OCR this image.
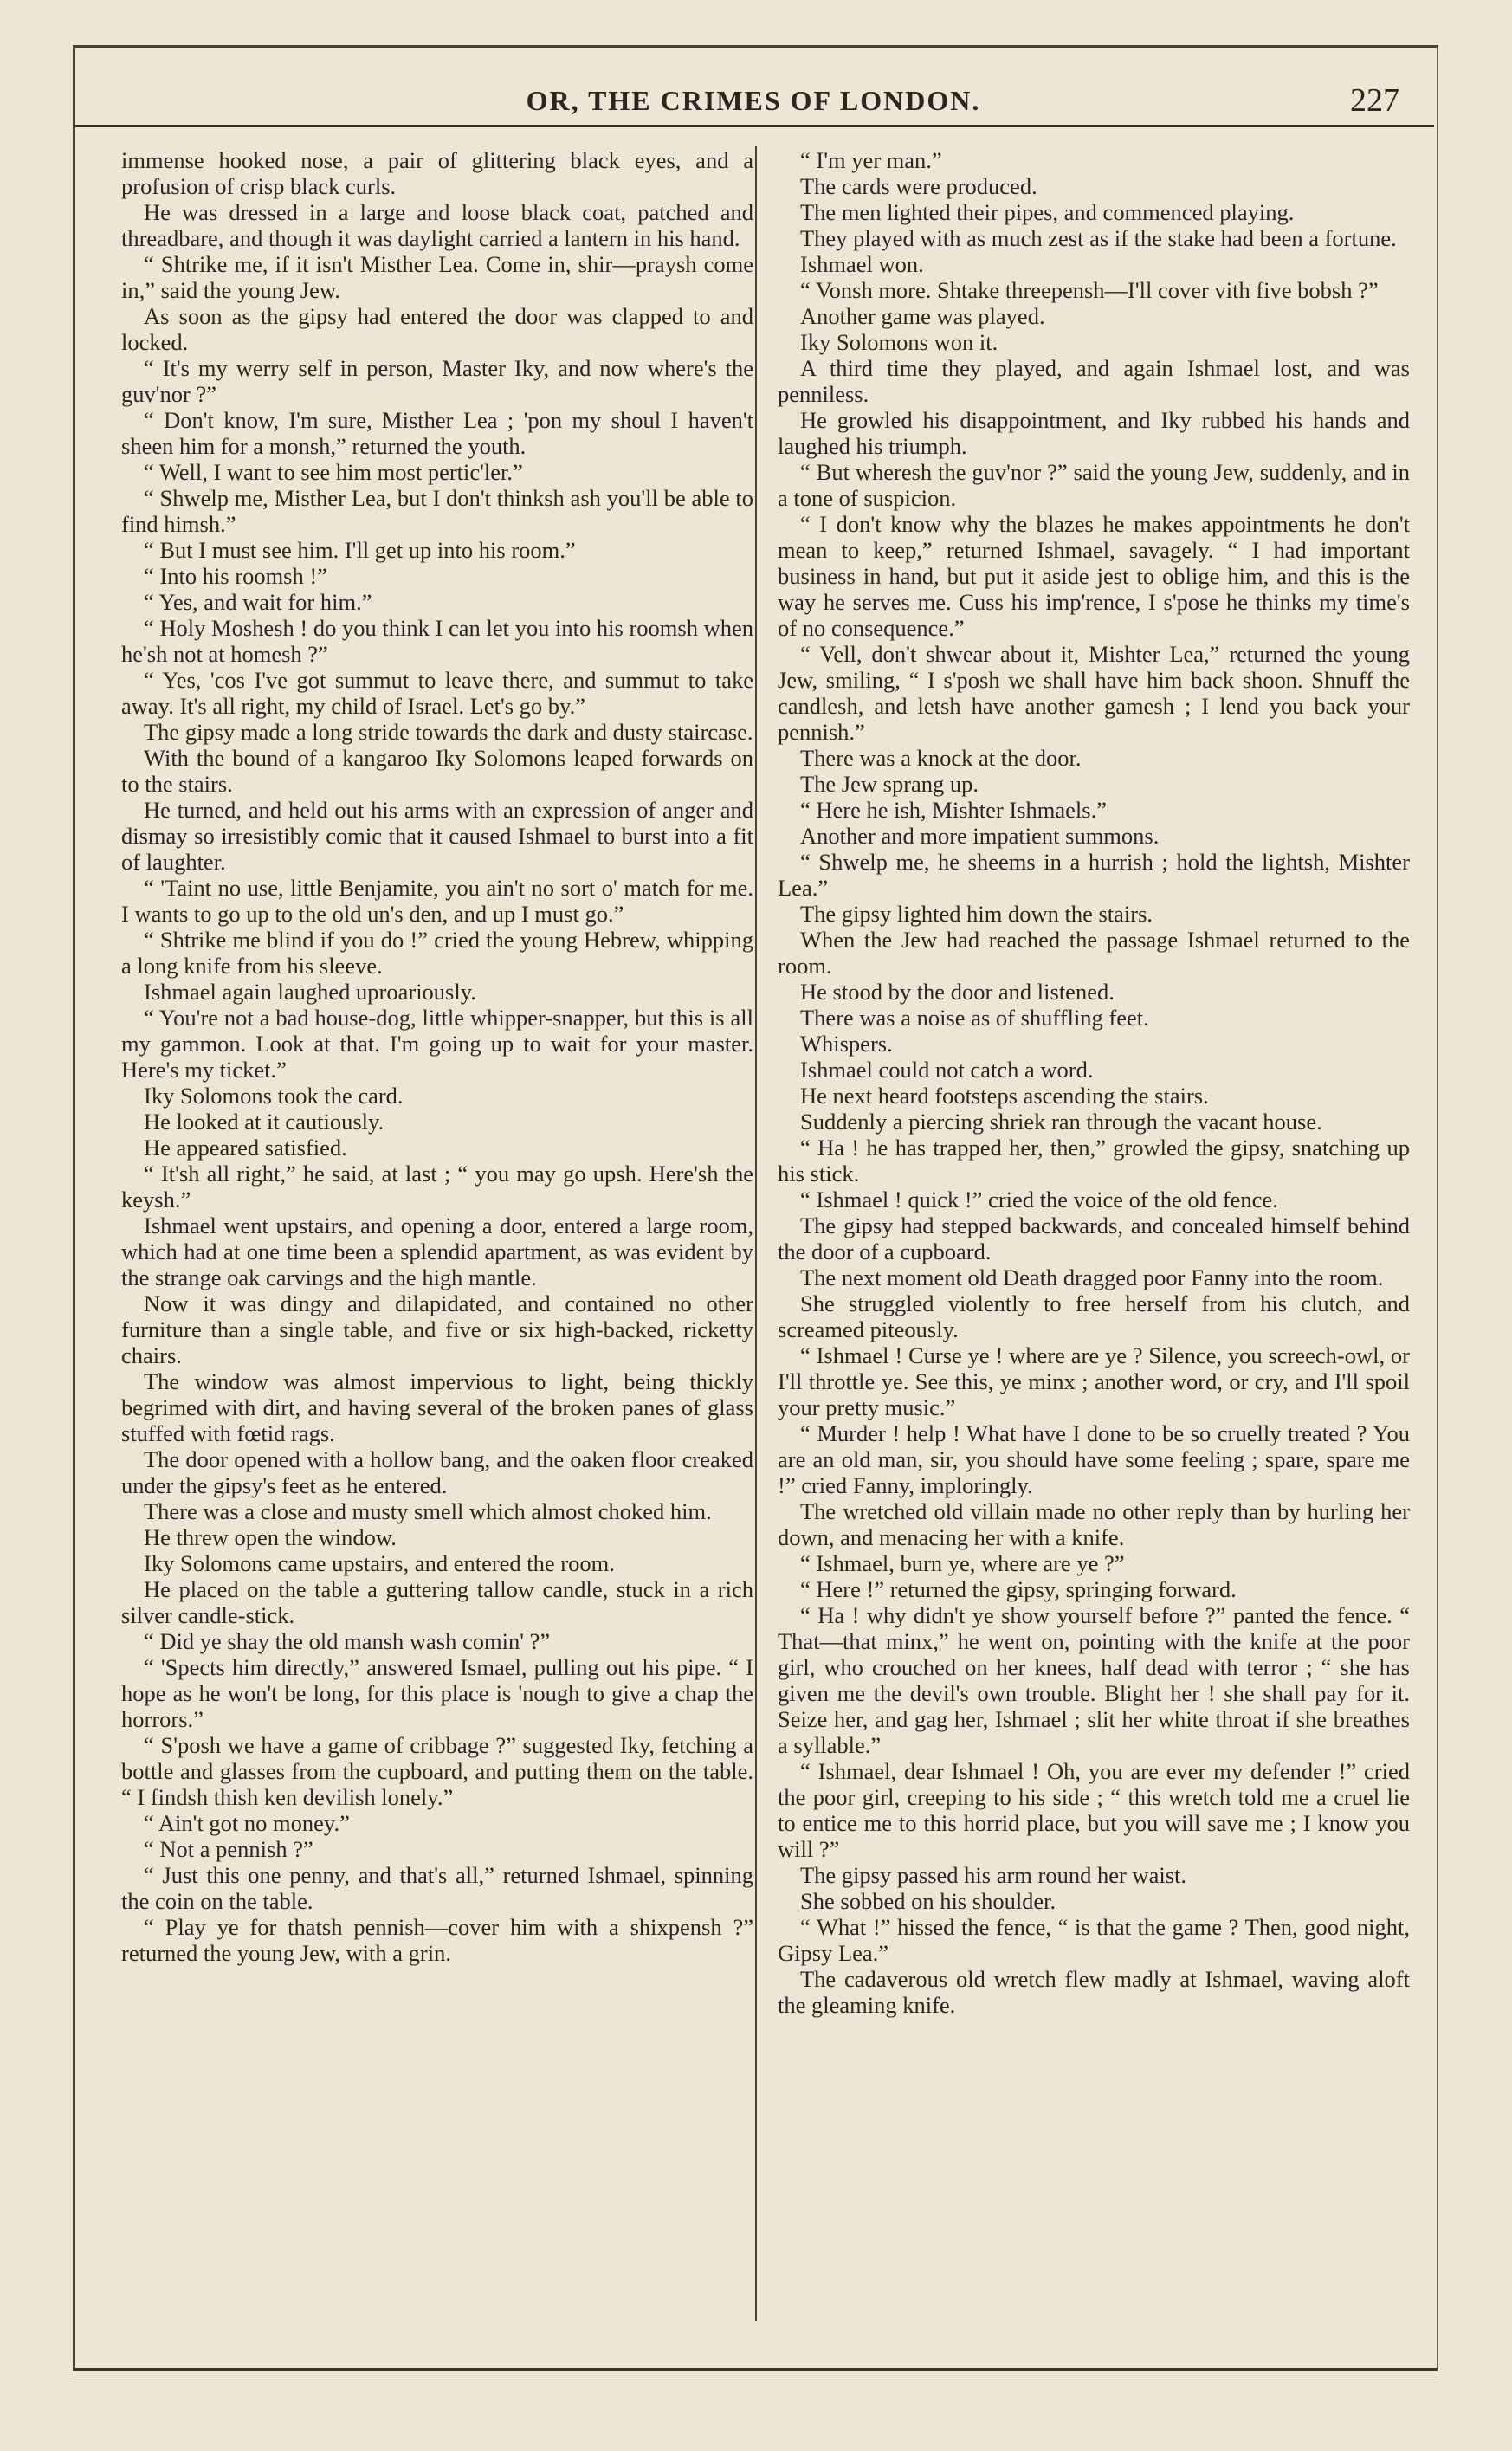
OR, THE CRIMES OF LONDON.	227

immense hooked nose, a pair of glittering black eyes, and a profusion of crisp black curls.

He was dressed in a large and loose black coat, patched and threadbare, and though it was daylight carried a lantern in his hand.

“ Shtrike me, if it isn't Misther Lea. Come in, shir—praysh come in,” said the young Jew.

As soon as the gipsy had entered the door was clapped to and locked.

“ It's my werry self in person, Master Iky, and now where's the guv'nor ?”

“ Don't know, I'm sure, Misther Lea ; 'pon my shoul I haven't sheen him for a monsh,” returned the youth.

“ Well, I want to see him most pertic'ler.”

“ Shwelp me, Misther Lea, but I don't thinksh ash you'll be able to find himsh.”

“ But I must see him. I'll get up into his room.”

“ Into his roomsh !”

“ Yes, and wait for him.”

“ Holy Moshesh ! do you think I can let you into his roomsh when he'sh not at homesh ?”

“ Yes, 'cos I've got summut to leave there, and summut to take away. It's all right, my child of Israel. Let's go by.”

The gipsy made a long stride towards the dark and dusty staircase.

With the bound of a kangaroo Iky Solomons leaped forwards on to the stairs.

He turned, and held out his arms with an expression of anger and dismay so irresistibly comic that it caused Ishmael to burst into a fit of laughter.

“ 'Taint no use, little Benjamite, you ain't no sort o' match for me. I wants to go up to the old un's den, and up I must go.”

“ Shtrike me blind if you do !” cried the young Hebrew, whipping a long knife from his sleeve.

Ishmael again laughed uproariously.

“ You're not a bad house-dog, little whipper-snapper, but this is all my gammon. Look at that. I'm going up to wait for your master. Here's my ticket.”

Iky Solomons took the card.

He looked at it cautiously.

He appeared satisfied.

“ It'sh all right,” he said, at last ; “ you may go upsh. Here'sh the keysh.”

Ishmael went upstairs, and opening a door, entered a large room, which had at one time been a splendid apartment, as was evident by the strange oak carvings and the high mantle.

Now it was dingy and dilapidated, and contained no other furniture than a single table, and five or six high-backed, ricketty chairs.

The window was almost impervious to light, being thickly begrimed with dirt, and having several of the broken panes of glass stuffed with fœtid rags.

The door opened with a hollow bang, and the oaken floor creaked under the gipsy's feet as he entered.

There was a close and musty smell which almost choked him.

He threw open the window.

Iky Solomons came upstairs, and entered the room.

He placed on the table a guttering tallow candle, stuck in a rich silver candle-stick.

“ Did ye shay the old mansh wash comin' ?”

“ 'Spects him directly,” answered Ismael, pulling out his pipe. “ I hope as he won't be long, for this place is 'nough to give a chap the horrors.”

“ S'posh we have a game of cribbage ?” suggested Iky, fetching a bottle and glasses from the cupboard, and putting them on the table. “ I findsh thish ken devilish lonely.”

“ Ain't got no money.”

“ Not a pennish ?”

“ Just this one penny, and that's all,” returned Ishmael, spinning the coin on the table.

“ Play ye for thatsh pennish—cover him with a shixpensh ?” returned the young Jew, with a grin.

“ I'm yer man.”

The cards were produced.

The men lighted their pipes, and commenced playing.

They played with as much zest as if the stake had been a fortune.

Ishmael won.

“ Vonsh more. Shtake threepensh—I'll cover vith five bobsh ?”

Another game was played.

Iky Solomons won it.

A third time they played, and again Ishmael lost, and was penniless.

He growled his disappointment, and Iky rubbed his hands and laughed his triumph.

“ But wheresh the guv'nor ?” said the young Jew, suddenly, and in a tone of suspicion.

“ I don't know why the blazes he makes appointments he don't mean to keep,” returned Ishmael, savagely. “ I had important business in hand, but put it aside jest to oblige him, and this is the way he serves me. Cuss his imp'rence, I s'pose he thinks my time's of no consequence.”

“ Vell, don't shwear about it, Mishter Lea,” returned the young Jew, smiling, “ I s'posh we shall have him back shoon. Shnuff the candlesh, and letsh have another gamesh ; I lend you back your pennish.”

There was a knock at the door.

The Jew sprang up.

“ Here he ish, Mishter Ishmaels.”

Another and more impatient summons.

“ Shwelp me, he sheems in a hurrish ; hold the lightsh, Mishter Lea.”

The gipsy lighted him down the stairs.

When the Jew had reached the passage Ishmael returned to the room.

He stood by the door and listened.

There was a noise as of shuffling feet.

Whispers.

Ishmael could not catch a word.

He next heard footsteps ascending the stairs.

Suddenly a piercing shriek ran through the vacant house.

“ Ha ! he has trapped her, then,” growled the gipsy, snatching up his stick.

“ Ishmael ! quick !” cried the voice of the old fence.

The gipsy had stepped backwards, and concealed himself behind the door of a cupboard.

The next moment old Death dragged poor Fanny into the room.

She struggled violently to free herself from his clutch, and screamed piteously.

“ Ishmael ! Curse ye ! where are ye ? Silence, you screech-owl, or I'll throttle ye. See this, ye minx ; another word, or cry, and I'll spoil your pretty music.”

“ Murder ! help ! What have I done to be so cruelly treated ? You are an old man, sir, you should have some feeling ; spare, spare me !” cried Fanny, imploringly.

The wretched old villain made no other reply than by hurling her down, and menacing her with a knife.

“ Ishmael, burn ye, where are ye ?”

“ Here !” returned the gipsy, springing forward.

“ Ha ! why didn't ye show yourself before ?” panted the fence. “ That—that minx,” he went on, pointing with the knife at the poor girl, who crouched on her knees, half dead with terror ; “ she has given me the devil's own trouble. Blight her ! she shall pay for it. Seize her, and gag her, Ishmael ; slit her white throat if she breathes a syllable.”

“ Ishmael, dear Ishmael ! Oh, you are ever my defender !” cried the poor girl, creeping to his side ; “ this wretch told me a cruel lie to entice me to this horrid place, but you will save me ; I know you will ?”

The gipsy passed his arm round her waist.

She sobbed on his shoulder.

“ What !” hissed the fence, “ is that the game ? Then, good night, Gipsy Lea.”

The cadaverous old wretch flew madly at Ishmael, waving aloft the gleaming knife.
